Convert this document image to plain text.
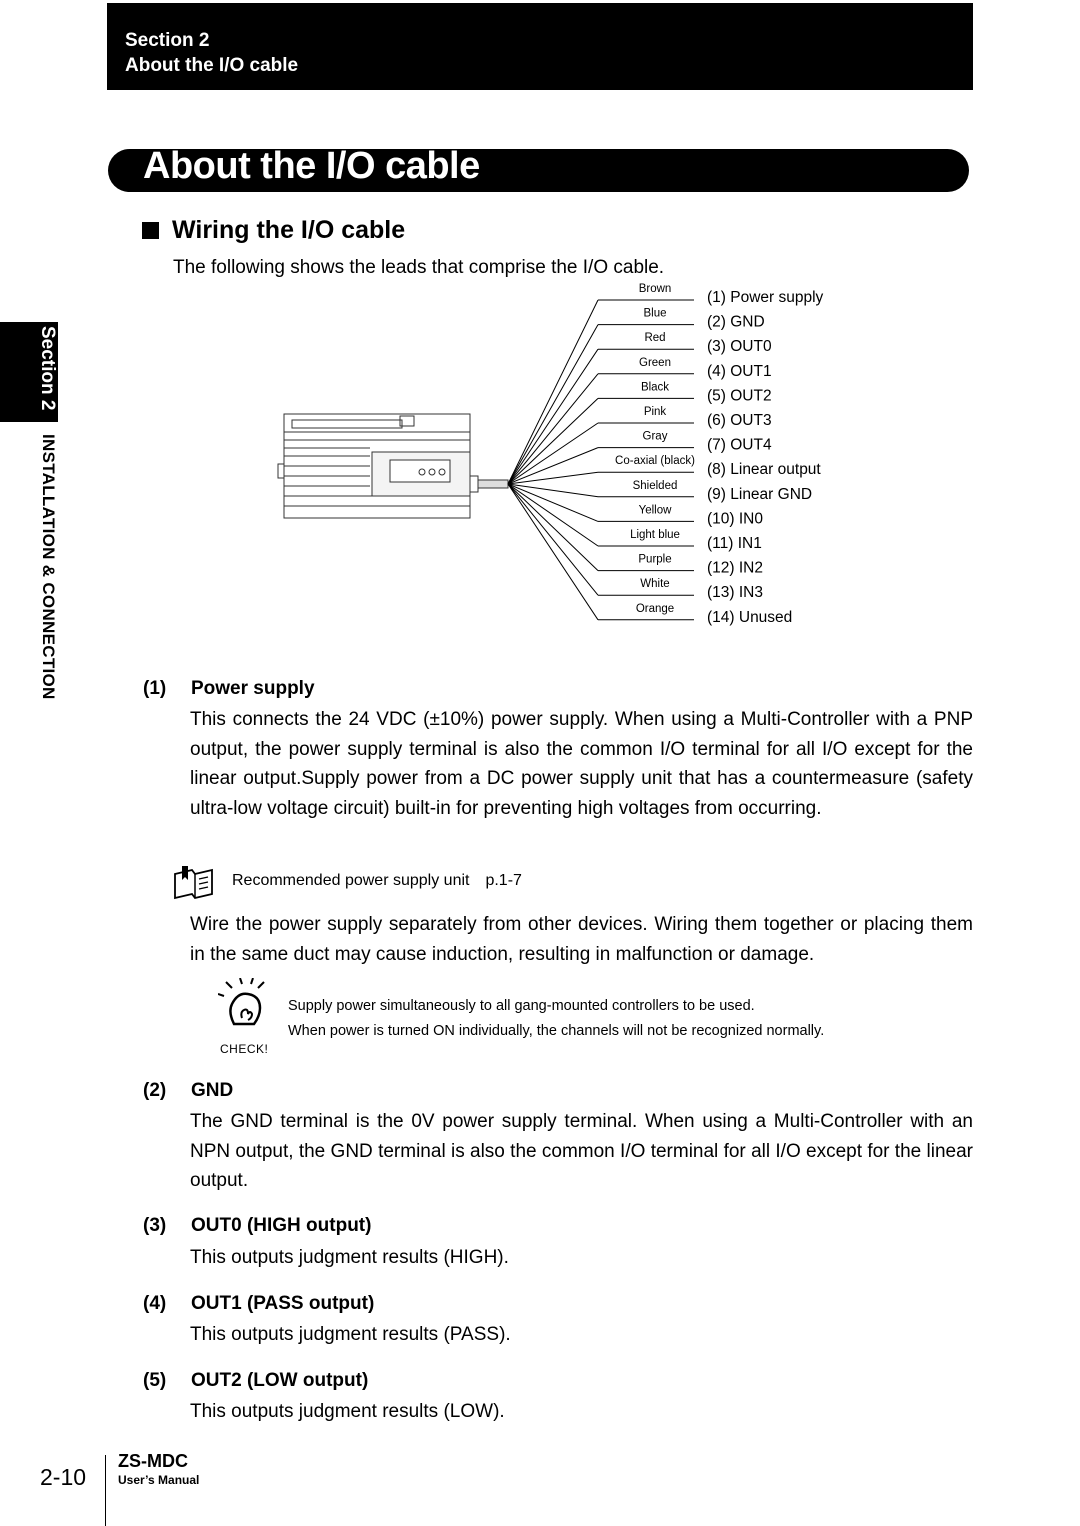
Section 2
About the I/O cable
About the I/O cable
Wiring the I/O cable
The following shows the leads that comprise the I/O cable.
Section 2
INSTALLATION & CONNECTION
Brown (1) Power supply
Blue	(2) GND
Red	(3) OUT0
Green (4) OUT1
Black (5) OUT2
Pink	(6) OUT3
Gray	(7) OUT4
Co-axial (black) (8) Linear output
Shielded (9) Linear GND
Yellow (10) IN0
Light blue (11) IN1
Purple (12) IN2
White (13) IN3
Orange (14) Unused
(1) Power supply
This connects the 24 VDC (±10%) power supply. When using a Multi-Controller with a PNP output, the power supply terminal is also the common I/O terminal for all I/O except for the linear output.Supply power from a DC power supply unit that has a countermeasure (safety ultra-low voltage circuit) built-in for preventing high voltages from occurring.
Recommended power supply unit p.1-7
Wire the power supply separately from other devices. Wiring them together or placing them in the same duct may cause induction, resulting in malfunction or damage.
CHECK!
Supply power simultaneously to all gang-mounted controllers to be used.
When power is turned ON individually, the channels will not be recognized normally.
(2) GND
The GND terminal is the 0V power supply terminal. When using a Multi-Controller with an NPN output, the GND terminal is also the common I/O terminal for all I/O except for the linear output.
(3) OUT0 (HIGH output)
This outputs judgment results (HIGH).
(4) OUT1 (PASS output)
This outputs judgment results (PASS).
(5) OUT2 (LOW output)
This outputs judgment results (LOW).
2-10
ZS-MDC
User’s Manual
